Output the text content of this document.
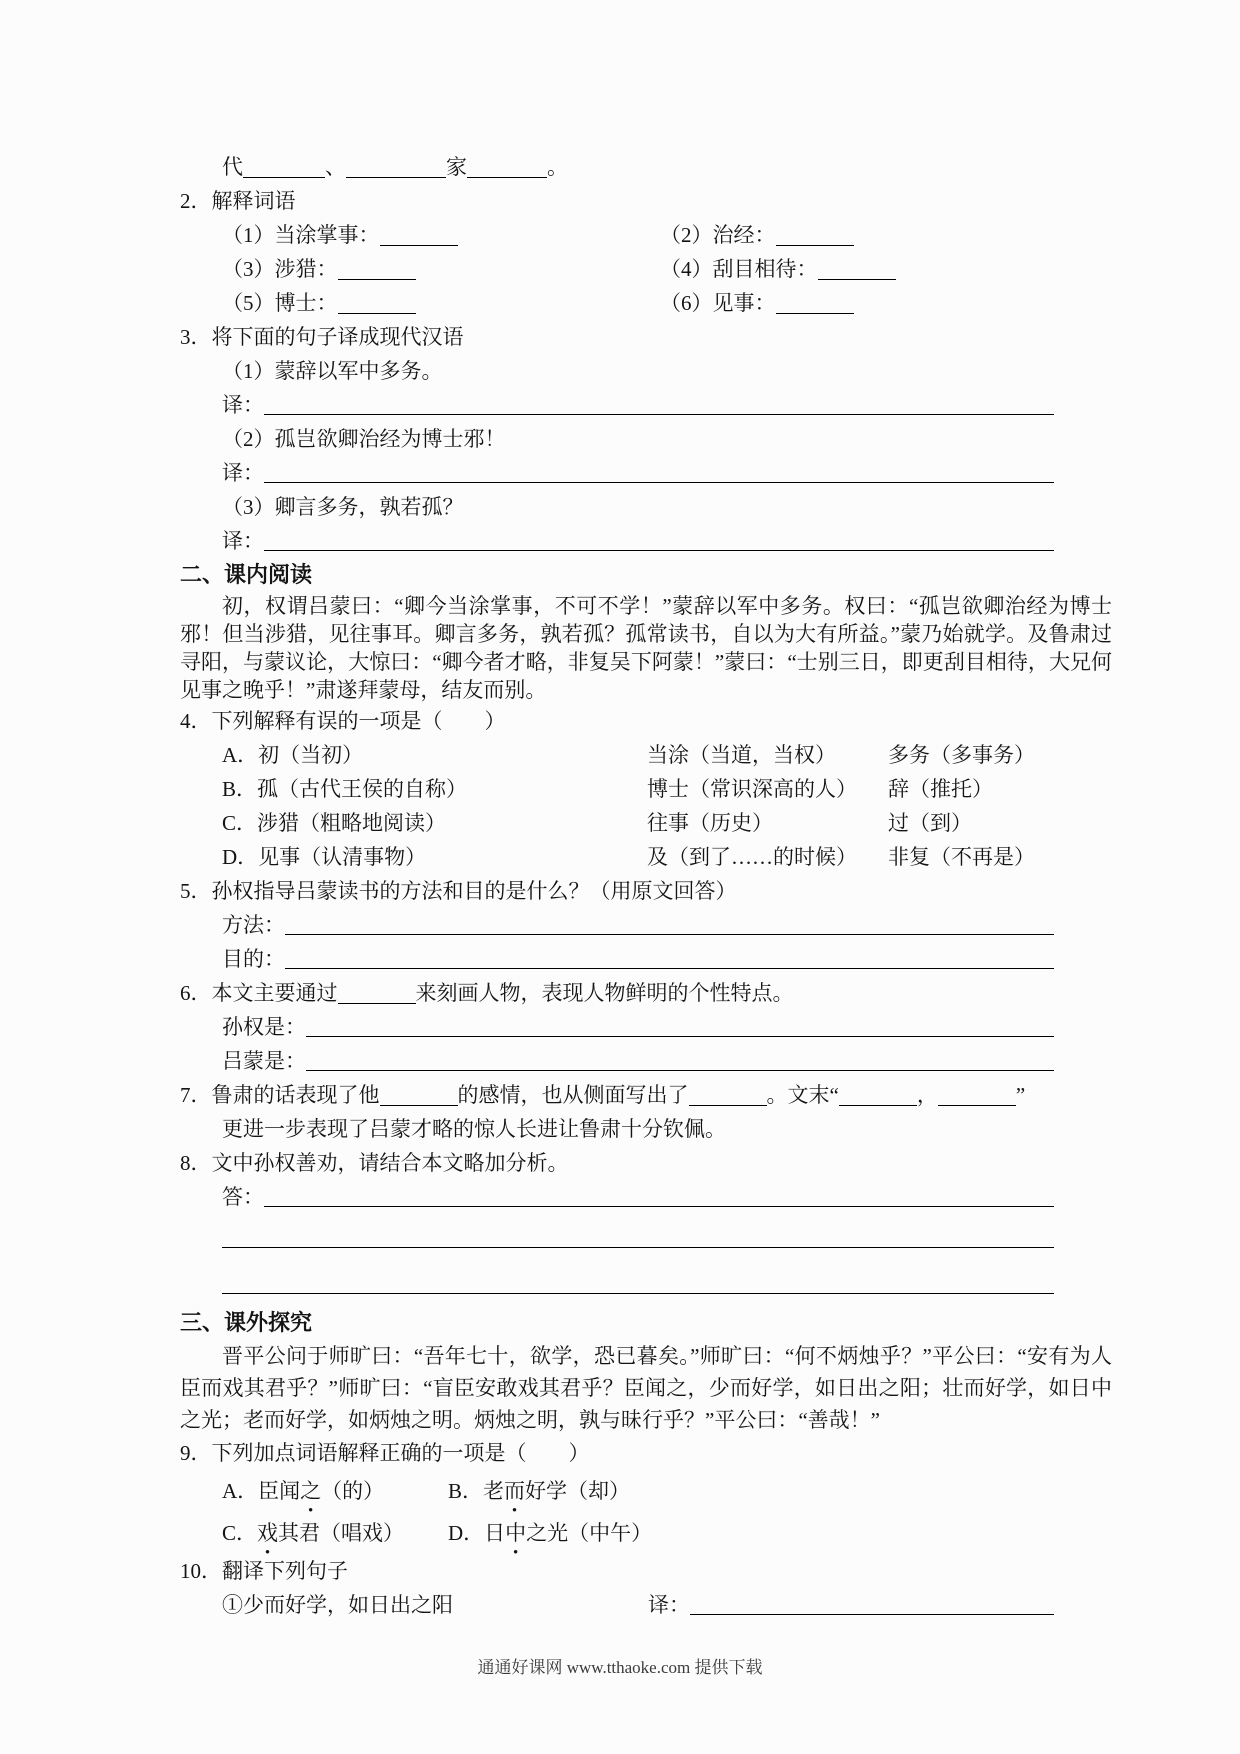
代	、	家	。
2．解释词语
（1）当涂掌事：	（2）治经：
（3）涉猎：	（4）刮目相待：
（5）博士：	（6）见事：
3．将下面的句子译成现代汉语
（1）蒙辞以军中多务。
译：
（2）孤岂欲卿治经为博士邪！
译：
（3）卿言多务，孰若孤？
译：
二、课内阅读

初，权谓吕蒙曰：“卿今当涂掌事，不可不学！”蒙辞以军中多务。权曰：“孤岂欲卿治经为博士邪！但当涉猎，见往事耳。卿言多务，孰若孤？孤常读书，自以为大有所益。”蒙乃始就学。及鲁肃过寻阳，与蒙议论，大惊曰：“卿今者才略，非复吴下阿蒙！”蒙曰：“士别三日，即更刮目相待，大兄何见事之晚乎！”肃遂拜蒙母，结友而别。

4．下列解释有误的一项是（　　）
A．初（当初）	当涂（当道，当权）	多务（多事务）
B．孤（古代王侯的自称）	博士（常识深高的人）	辞（推托）
C．涉猎（粗略地阅读）	往事（历史）	过（到）
D．见事（认清事物）	及（到了……的时候）	非复（不再是）
5．孙权指导吕蒙读书的方法和目的是什么？（用原文回答）
方法：
目的：
6．本文主要通过	来刻画人物，表现人物鲜明的个性特点。
孙权是：
吕蒙是：
7．鲁肃的话表现了他	的感情，也从侧面写出了	。文末“	，	”
更进一步表现了吕蒙才略的惊人长进让鲁肃十分钦佩。
8．文中孙权善劝，请结合本文略加分析。
答：
三、课外探究

晋平公问于师旷曰：“吾年七十，欲学，恐已暮矣。”师旷曰：“何不炳烛乎？”平公曰：“安有为人臣而戏其君乎？”师旷曰：“盲臣安敢戏其君乎？臣闻之，少而好学，如日出之阳；壮而好学，如日中之光；老而好学，如炳烛之明。炳烛之明，孰与昧行乎？”平公曰：“善哉！”

9．下列加点词语解释正确的一项是（　　）
A．臣闻之（的）	B．老而好学（却）
C．戏其君（唱戏）	D．日中之光（中午）
10．翻译下列句子
①少而好学，如日出之阳	译：
通通好课网 www.tthaoke.com 提供下载
